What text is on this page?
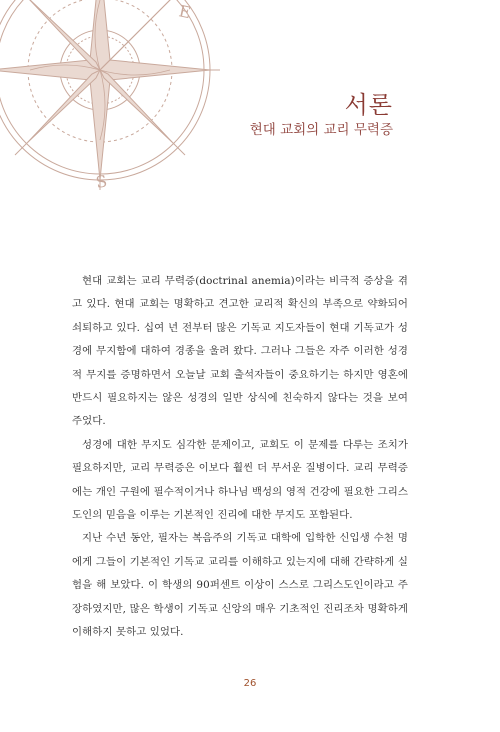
E
S
서론
현대 교회의 교리 무력증

현대 교회는 교리 무력증(doctrinal anemia)이라는 비극적 증상을 겪고 있다. 현대 교회는 명확하고 견고한 교리적 확신의 부족으로 약화되어 쇠퇴하고 있다. 십여 년 전부터 많은 기독교 지도자들이 현대 기독교가 성경에 무지함에 대하여 경종을 울려 왔다. 그러나 그들은 자주 이러한 성경적 무지를 증명하면서 오늘날 교회 출석자들이 중요하기는 하지만 영혼에 반드시 필요하지는 않은 성경의 일반 상식에 친숙하지 않다는 것을 보여 주었다.

성경에 대한 무지도 심각한 문제이고, 교회도 이 문제를 다루는 조치가 필요하지만, 교리 무력증은 이보다 훨씬 더 무서운 질병이다. 교리 무력증에는 개인 구원에 필수적이거나 하나님 백성의 영적 건강에 필요한 그리스도인의 믿음을 이루는 기본적인 진리에 대한 무지도 포함된다.

지난 수년 동안, 필자는 복음주의 기독교 대학에 입학한 신입생 수천 명에게 그들이 기본적인 기독교 교리를 이해하고 있는지에 대해 간략하게 실험을 해 보았다. 이 학생의 90퍼센트 이상이 스스로 그리스도인이라고 주장하였지만, 많은 학생이 기독교 신앙의 매우 기초적인 진리조차 명확하게 이해하지 못하고 있었다.

26
